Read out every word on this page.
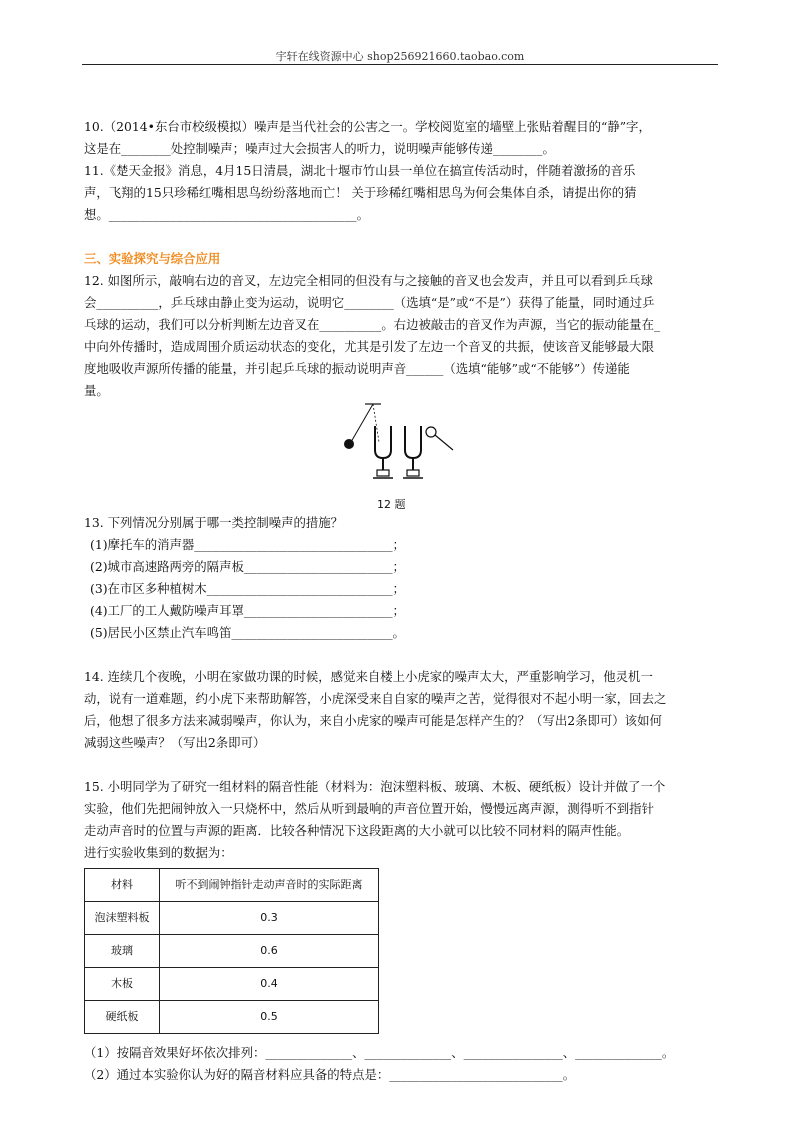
宇轩在线资源中心 shop256921660.taobao.com
10.（2014•东台市校级模拟）噪声是当代社会的公害之一。学校阅览室的墙壁上张贴着醒目的“静”字，
这是在________处控制噪声；噪声过大会损害人的听力，说明噪声能够传递________。
11.《楚天金报》消息，4月15日清晨，湖北十堰市竹山县一单位在搞宣传活动时，伴随着激扬的音乐
声，飞翔的15只珍稀红嘴相思鸟纷纷落地而亡！ 关于珍稀红嘴相思鸟为何会集体自杀，请提出你的猜
想。________________________________________。
三、实验探究与综合应用
12. 如图所示，敲响右边的音叉，左边完全相同的但没有与之接触的音叉也会发声，并且可以看到乒乓球
会__________，乒乓球由静止变为运动，说明它________（选填“是”或“不是”）获得了能量，同时通过乒
乓球的运动，我们可以分析判断左边音叉在__________。右边被敲击的音叉作为声源，当它的振动能量在_
中向外传播时，造成周围介质运动状态的变化，尤其是引发了左边一个音叉的共振，使该音叉能够最大限
度地吸收声源所传播的能量，并引起乒乓球的振动说明声音______（选填“能够”或“不能够”）传递能
量。
12 题
13. 下列情况分别属于哪一类控制噪声的措施？
(1)摩托车的消声器________________________________；
(2)城市高速路两旁的隔声板________________________；
(3)在市区多种植树木______________________________；
(4)工厂的工人戴防噪声耳罩________________________；
(5)居民小区禁止汽车鸣笛__________________________。
14. 连续几个夜晚，小明在家做功课的时候，感觉来自楼上小虎家的噪声太大，严重影响学习，他灵机一
动，说有一道难题，约小虎下来帮助解答，小虎深受来自自家的噪声之苦，觉得很对不起小明一家，回去之
后，他想了很多方法来减弱噪声，你认为，来自小虎家的噪声可能是怎样产生的？（写出2条即可）该如何
减弱这些噪声？（写出2条即可）
15. 小明同学为了研究一组材料的隔音性能（材料为：泡沫塑料板、玻璃、木板、硬纸板）设计并做了一个
实验，他们先把闹钟放入一只烧杯中，然后从听到最响的声音位置开始，慢慢远离声源，测得听不到指针
走动声音时的位置与声源的距离．比较各种情况下这段距离的大小就可以比较不同材料的隔声性能。
进行实验收集到的数据为：
材料	听不到闹钟指针走动声音时的实际距离
泡沫塑料板	0.3
玻璃	0.6
木板	0.4
硬纸板	0.5
（1）按隔音效果好坏依次排列：______________、______________、________________、______________。
（2）通过本实验你认为好的隔音材料应具备的特点是：____________________________。
